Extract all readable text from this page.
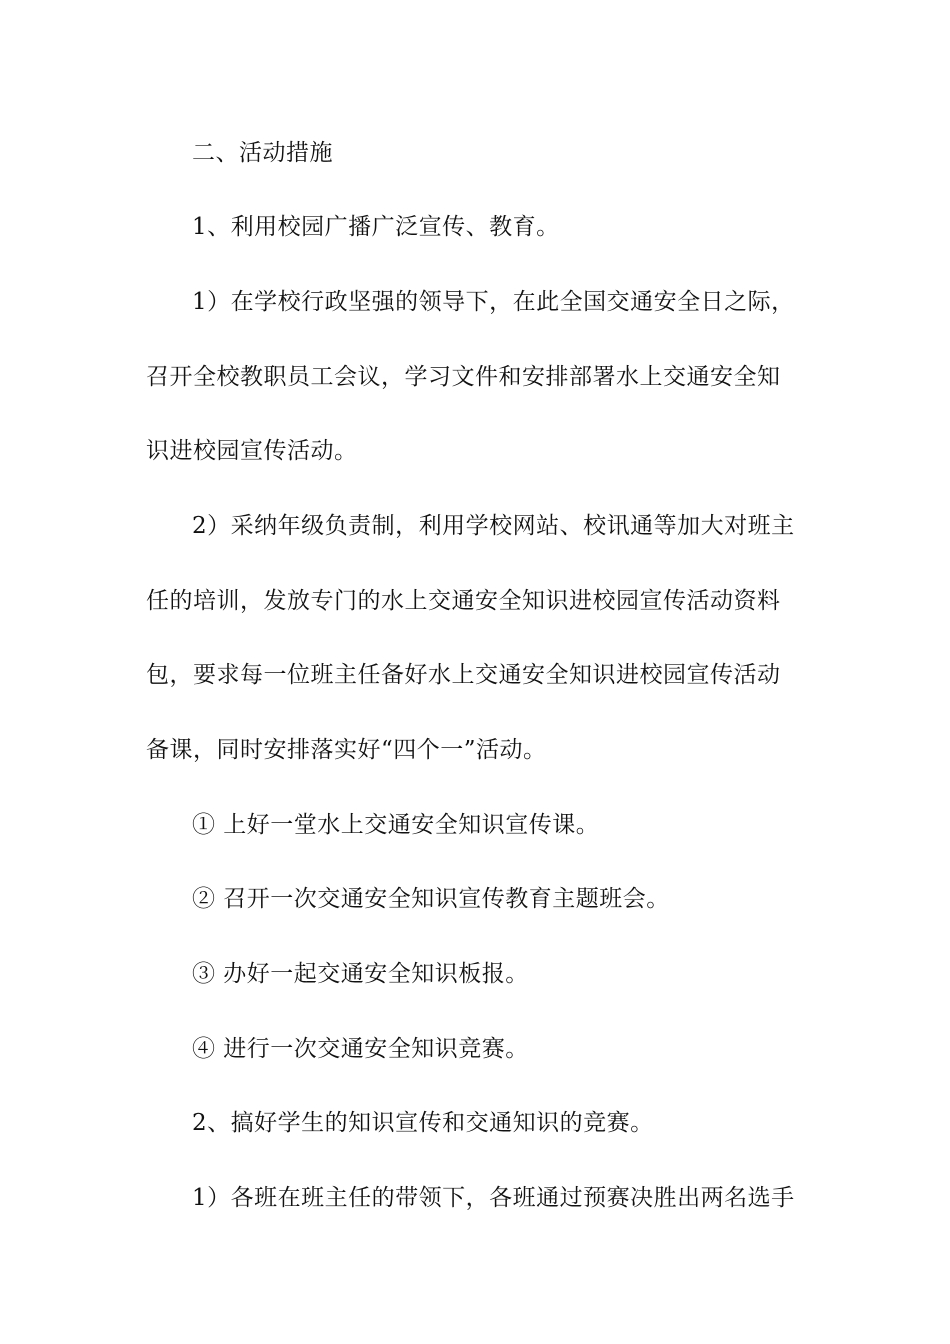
二、活动措施
1、利用校园广播广泛宣传、教育。
1）在学校行政坚强的领导下，在此全国交通安全日之际，
召开全校教职员工会议，学习文件和安排部署水上交通安全知
识进校园宣传活动。
2）采纳年级负责制，利用学校网站、校讯通等加大对班主
任的培训，发放专门的水上交通安全知识进校园宣传活动资料
包，要求每一位班主任备好水上交通安全知识进校园宣传活动
备课，同时安排落实好“四个一”活动。
① 上好一堂水上交通安全知识宣传课。
② 召开一次交通安全知识宣传教育主题班会。
③ 办好一起交通安全知识板报。
④ 进行一次交通安全知识竞赛。
2、搞好学生的知识宣传和交通知识的竞赛。
1）各班在班主任的带领下，各班通过预赛决胜出两名选手
